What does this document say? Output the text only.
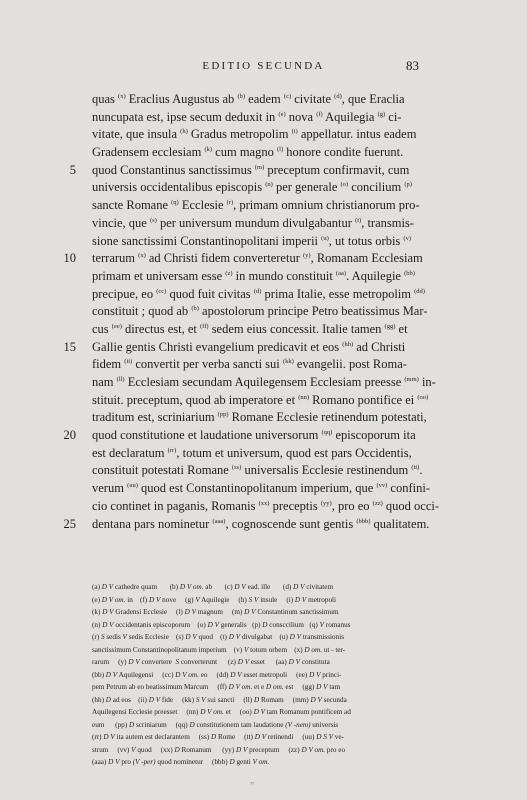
EDITIO SECUNDA	83
quas $^{(x)}$ Eraclius Augustus ab $^{(b)}$ eadem $^{(c)}$ civitate $^{(d)}$, que Eraclia
nuncupata est, ipse secum deduxit in $^{(e)}$ nova $^{(f)}$ Aquilegia $^{(g)}$ ci-
vitate, que insula $^{(h)}$ Gradus metropolim $^{(i)}$ appellatur. intus eadem
Gradensem ecclesiam $^{(k)}$ cum magno $^{(l)}$ honore condite fuerunt.
5 quod Constantinus sanctissimus $^{(m)}$ preceptum confirmavit, cum
universis occidentalibus episcopis $^{(n)}$ per generale $^{(o)}$ concilium $^{(p)}$
sancte Romane $^{(q)}$ Ecclesie $^{(r)}$, primam omnium christianorum pro-
vincie, que $^{(s)}$ per universum mundum divulgabantur $^{(t)}$, transmis-
sione sanctissimi Constantinopolitani imperii $^{(u)}$, ut totus orbis $^{(v)}$
10 terrarum $^{(x)}$ ad Christi fidem converteretur $^{(y)}$, Romanam Ecclesiam
primam et universam esse $^{(z)}$ in mundo constituit $^{(aa)}$. Aquilegie $^{(bb)}$
precipue, eo $^{(cc)}$ quod fuit civitas $^{(d)}$ prima Italie, esse metropolim $^{(dd)}$
constituit ; quod ab $^{(b)}$ apostolorum principe Petro beatissimus Mar-
cus $^{(ee)}$ directus est, et $^{(ff)}$ sedem eius concessit. Italie tamen $^{(gg)}$ et
15 Gallie gentis Christi evangelium predicavit et eos $^{(hh)}$ ad Christi
fidem $^{(ii)}$ convertit per verba sancti sui $^{(kk)}$ evangelii. post Roma-
nam $^{(ll)}$ Ecclesiam secundam Aquilegensem Ecclesiam preesse $^{(mm)}$ in-
stituit. preceptum, quod ab imperatore et $^{(nn)}$ Romano pontifice ei $^{(oo)}$
traditum est, scriniarium $^{(pp)}$ Romane Ecclesie retinendum potestati,
20 quod constitutione et laudatione universorum $^{(qq)}$ episcoporum ita
est declaratum $^{(rr)}$, totum et universum, quod est pars Occidentis,
constituit potestati Romane $^{(ss)}$ universalis Ecclesie restinendum $^{(tt)}$.
verum $^{(uu)}$ quod est Constantinopolitanum imperium, que $^{(vv)}$ confini-
cio continet in paganis, Romanis $^{(xx)}$ preceptis $^{(yy)}$, pro eo $^{(zz)}$ quod occi-
25 dentana pars nominetur $^{(aaa)}$, cognoscende sunt gentis $^{(bbb)}$ qualitatem.
(a) D V cathedre quam       (b) D V om. ab       (c) D V ead. ille       (d) D V civitatem
(e) D V om. in    (f) D V nove     (g) V Aquilegie     (h) S V insule     (i) D V metropoli
(k) D V Gradensi Ecclesie     (l) D V magnum     (m) D V Constantinum sanctissimum
(n) D V occidentanis episcoporum    (o) D V generalis   (p) D consccilium   (q) V romanus
(r) S sedis V sedis Ecclesie    (s) D V quod    (t) D V divulgabat    (u) D V transmissionis
sanctissimum Constantinopolitanum imperium    (v) V totum orbem    (x) D om. ut - ter-
rarum     (y) D V convertere  S converterunt      (z) D V esset      (aa) D V constituta
(bb) D V Aquilegensi     (cc) D V om. eo     (dd) D V esset metropoli     (ee) D V princi-
pem Petrum ab eo beatissimum Marcum     (ff) D V om. et e D om. est     (gg) D V tam
(hh) D ad eos    (ii) D V fide     (kk) S V sui sancti     (ll) D Romam     (mm) D V secunda
Aquilegensi Ecclesie preesset     (nn) D V om. et     (oo) D V tam Romanum pontificem ad
eum      (pp) D scriniarum     (qq) D constitutionem tam laudatione (V -nem) universis
(rr) D V ita autem est declarantem     (ss) D Rome     (tt) D V retinendi     (uu) D S V ve-
strum     (vv) V quod     (xx) D Romanum      (yy) D V preceptum     (zz) D V om. pro eo
(aaa) D V pro (V -per) quod nominetur     (bbb) D genti V om.
„
